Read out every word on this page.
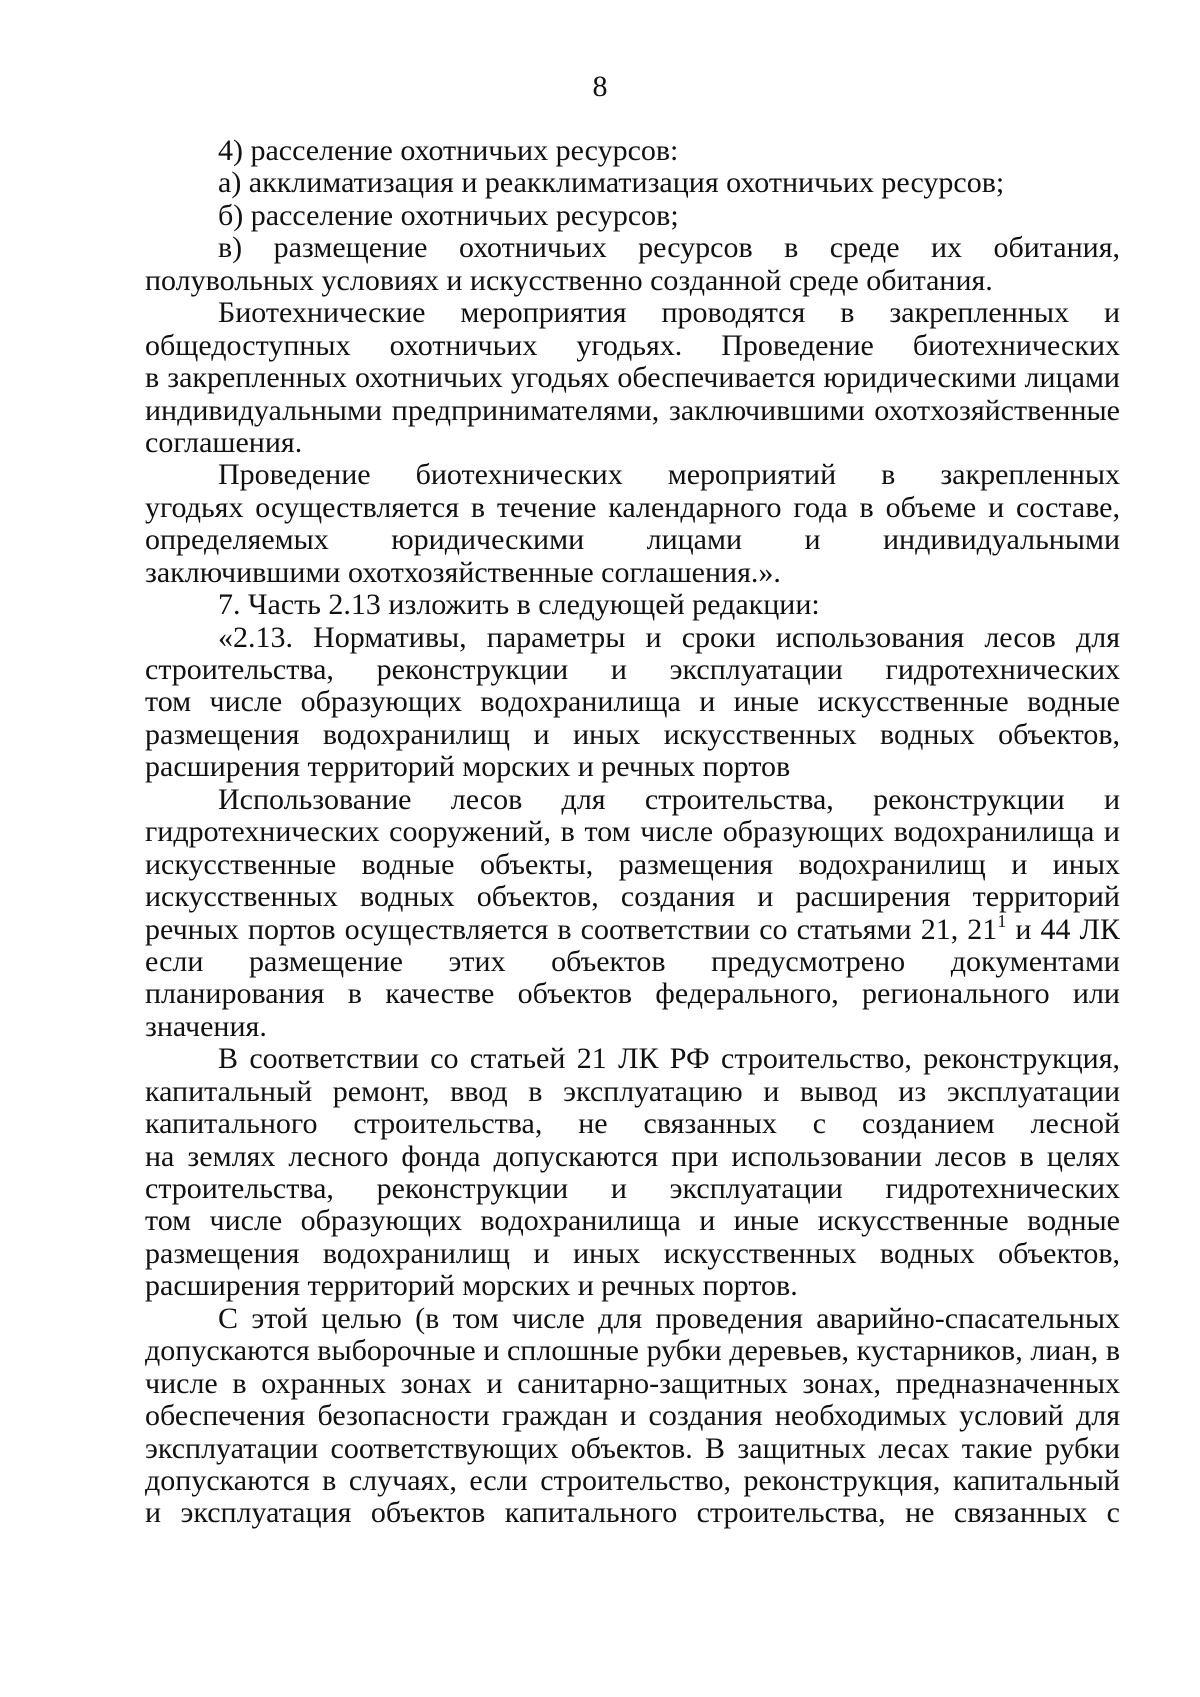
8
4) расселение охотничьих ресурсов:
а) акклиматизация и реакклиматизация охотничьих ресурсов;
б) расселение охотничьих ресурсов;
в) размещение охотничьих ресурсов в среде их обитания,
полувольных условиях и искусственно созданной среде обитания.
Биотехнические мероприятия проводятся в закрепленных и
общедоступных охотничьих угодьях. Проведение биотехнических
в закрепленных охотничьих угодьях обеспечивается юридическими лицами
индивидуальными предпринимателями, заключившими охотхозяйственные
соглашения.
Проведение биотехнических мероприятий в закрепленных
угодьях осуществляется в течение календарного года в объеме и составе,
определяемых юридическими лицами и индивидуальными
заключившими охотхозяйственные соглашения.».
7. Часть 2.13 изложить в следующей редакции:
«2.13. Нормативы, параметры и сроки использования лесов для
строительства, реконструкции и эксплуатации гидротехнических
том числе образующих водохранилища и иные искусственные водные
размещения водохранилищ и иных искусственных водных объектов,
расширения территорий морских и речных портов
Использование лесов для строительства, реконструкции и
гидротехнических сооружений, в том числе образующих водохранилища и
искусственные водные объекты, размещения водохранилищ и иных
искусственных водных объектов, создания и расширения территорий
речных портов осуществляется в соответствии со статьями 21, $21^1$ и 44 ЛК
если размещение этих объектов предусмотрено документами
планирования в качестве объектов федерального, регионального или
значения.
В соответствии со статьей 21 ЛК РФ строительство, реконструкция,
капитальный ремонт, ввод в эксплуатацию и вывод из эксплуатации
капитального строительства, не связанных с созданием лесной
на землях лесного фонда допускаются при использовании лесов в целях
строительства, реконструкции и эксплуатации гидротехнических
том числе образующих водохранилища и иные искусственные водные
размещения водохранилищ и иных искусственных водных объектов,
расширения территорий морских и речных портов.
С этой целью (в том числе для проведения аварийно-спасательных
допускаются выборочные и сплошные рубки деревьев, кустарников, лиан, в
числе в охранных зонах и санитарно-защитных зонах, предназначенных
обеспечения безопасности граждан и создания необходимых условий для
эксплуатации соответствующих объектов. В защитных лесах такие рубки
допускаются в случаях, если строительство, реконструкция, капитальный
и эксплуатация объектов капитального строительства, не связанных с
